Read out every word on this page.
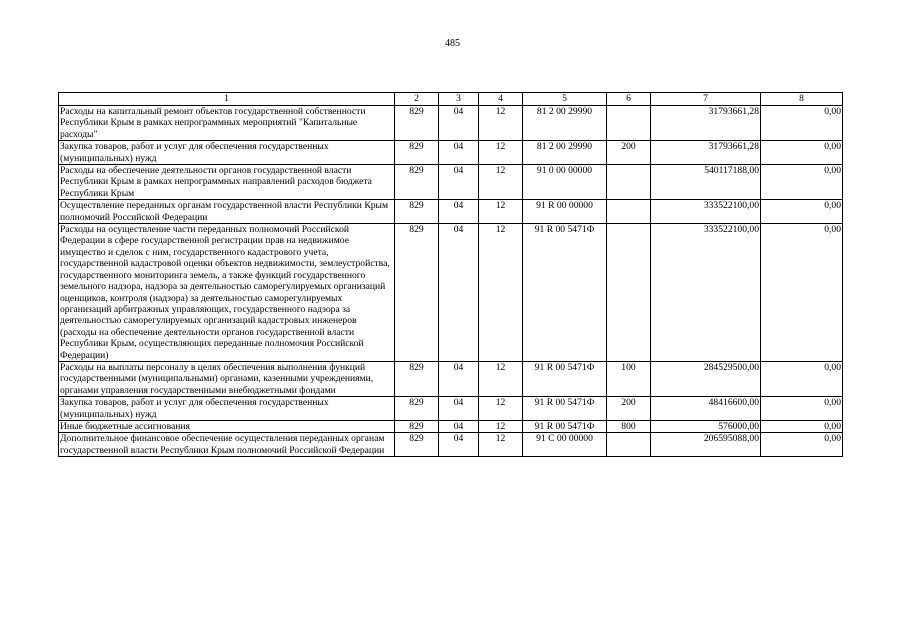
485
1	2	3	4	5	6	7	8
Расходы на капитальный ремонт объектов государственной собственности Республики Крым в рамках непрограммных мероприятий "Капитальные расходы"	829	04	12	81 2 00 29990		31793661,28	0,00
Закупка товаров, работ и услуг для обеспечения государственных (муниципальных) нужд	829	04	12	81 2 00 29990	200	31793661,28	0,00
Расходы на обеспечение деятельности органов государственной власти Республики Крым в рамках непрограммных направлений расходов бюджета Республики Крым	829	04	12	91 0 00 00000		540117188,00	0,00
Осуществление переданных органам государственной власти Республики Крым полномочий Российской Федерации	829	04	12	91 R 00 00000		333522100,00	0,00
Расходы на осуществление части переданных полномочий Российской Федерации в сфере государственной регистрации прав на недвижимое имущество и сделок с ним, государственного кадастрового учета, государственной кадастровой оценки объектов недвижимости, землеустройства, государственного мониторинга земель, а также функций государственного земельного надзора, надзора за деятельностью саморегулируемых организаций оценщиков, контроля (надзора) за деятельностью саморегулируемых организаций арбитражных управляющих, государственного надзора за деятельностью саморегулируемых организаций кадастровых инженеров (расходы на обеспечение деятельности органов государственной власти Республики Крым, осуществляющих переданные полномочия Российской Федерации)	829	04	12	91 R 00 5471Ф		333522100,00	0,00
Расходы на выплаты персоналу в целях обеспечения выполнения функций государственными (муниципальными) органами, казенными учреждениями, органами управления государственными внебюджетными фондами	829	04	12	91 R 00 5471Ф	100	284529500,00	0,00
Закупка товаров, работ и услуг для обеспечения государственных (муниципальных) нужд	829	04	12	91 R 00 5471Ф	200	48416600,00	0,00
Иные бюджетные ассигнования	829	04	12	91 R 00 5471Ф	800	576000,00	0,00
Дополнительное финансовое обеспечение осуществления переданных органам государственной власти Республики Крым полномочий Российской Федерации	829	04	12	91 С 00 00000		206595088,00	0,00
